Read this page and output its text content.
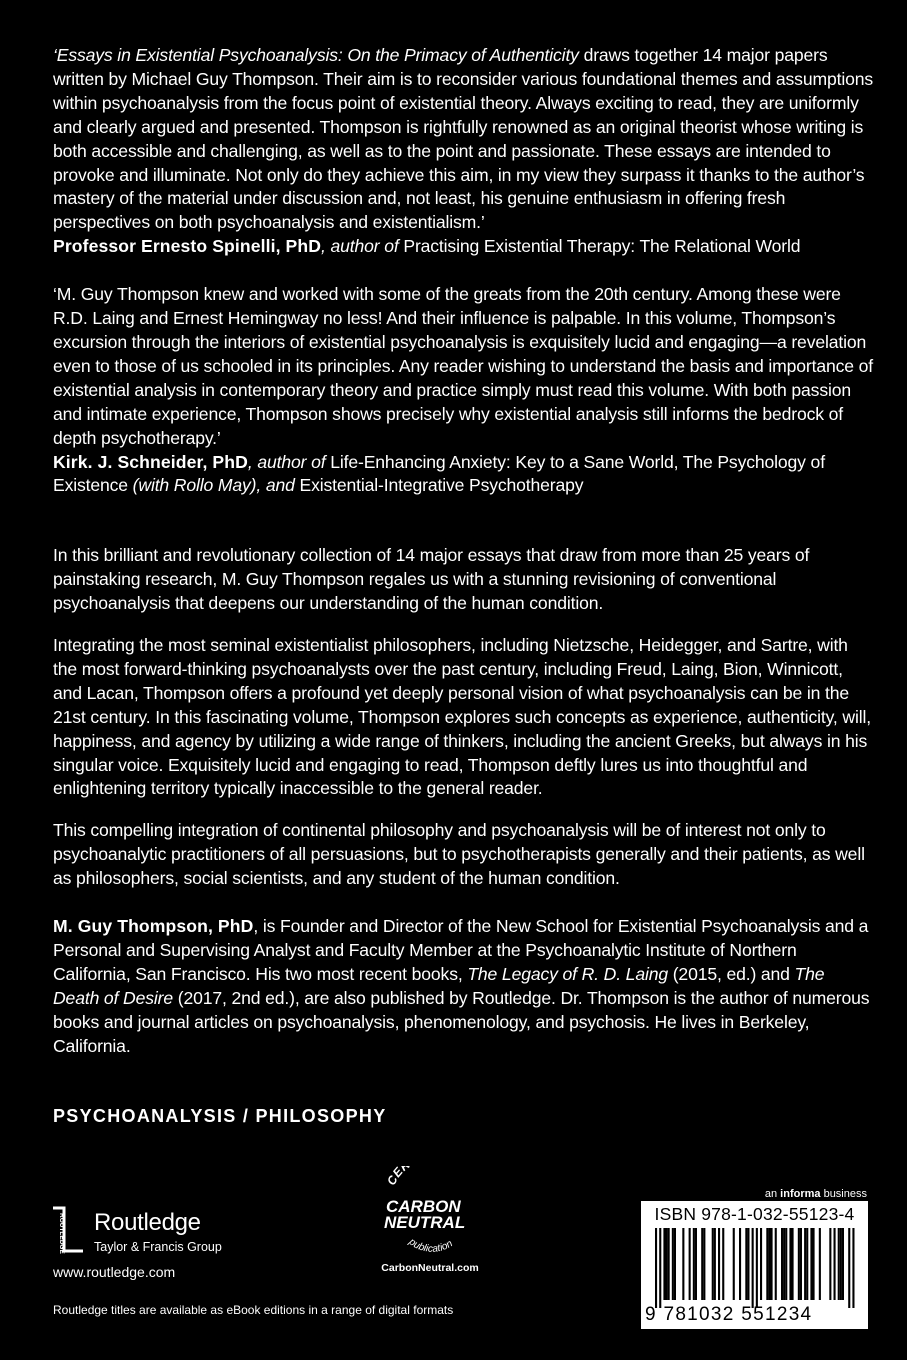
‘Essays in Existential Psychoanalysis: On the Primacy of Authenticity draws together 14 major papers written by Michael Guy Thompson. Their aim is to reconsider various foundational themes and assumptions within psychoanalysis from the focus point of existential theory. Always exciting to read, they are uniformly and clearly argued and presented. Thompson is rightfully renowned as an original theorist whose writing is both accessible and challenging, as well as to the point and passionate. These essays are intended to provoke and illuminate. Not only do they achieve this aim, in my view they surpass it thanks to the author’s mastery of the material under discussion and, not least, his genuine enthusiasm in offering fresh perspectives on both psychoanalysis and existentialism.’

Professor Ernesto Spinelli, PhD, author of Practising Existential Therapy: The Relational World

‘M. Guy Thompson knew and worked with some of the greats from the 20th century. Among these were R.D. Laing and Ernest Hemingway no less! And their influence is palpable. In this volume, Thompson’s excursion through the interiors of existential psychoanalysis is exquisitely lucid and engaging—a revelation even to those of us schooled in its principles. Any reader wishing to understand the basis and importance of existential analysis in contemporary theory and practice simply must read this volume. With both passion and intimate experience, Thompson shows precisely why existential analysis still informs the bedrock of depth psychotherapy.’

Kirk. J. Schneider, PhD, author of Life-Enhancing Anxiety: Key to a Sane World, The Psychology of Existence (with Rollo May), and Existential-Integrative Psychotherapy

In this brilliant and revolutionary collection of 14 major essays that draw from more than 25 years of painstaking research, M. Guy Thompson regales us with a stunning revisioning of conventional psychoanalysis that deepens our understanding of the human condition.

Integrating the most seminal existentialist philosophers, including Nietzsche, Heidegger, and Sartre, with the most forward-thinking psychoanalysts over the past century, including Freud, Laing, Bion, Winnicott, and Lacan, Thompson offers a profound yet deeply personal vision of what psychoanalysis can be in the 21st century. In this fascinating volume, Thompson explores such concepts as experience, authenticity, will, happiness, and agency by utilizing a wide range of thinkers, including the ancient Greeks, but always in his singular voice. Exquisitely lucid and engaging to read, Thompson deftly lures us into thoughtful and enlightening territory typically inaccessible to the general reader.

This compelling integration of continental philosophy and psychoanalysis will be of interest not only to psychoanalytic practitioners of all persuasions, but to psychotherapists generally and their patients, as well as philosophers, social scientists, and any student of the human condition.

M. Guy Thompson, PhD, is Founder and Director of the New School for Existential Psychoanalysis and a Personal and Supervising Analyst and Faculty Member at the Psychoanalytic Institute of Northern California, San Francisco. His two most recent books, The Legacy of R. D. Laing (2015, ed.) and The Death of Desire (2017, 2nd ed.), are also published by Routledge. Dr. Thompson is the author of numerous books and journal articles on psychoanalysis, phenomenology, and psychosis. He lives in Berkeley, California.

PSYCHOANALYSIS / PHILOSOPHY
ROUTLEDGE Routledge
Taylor & Francis Group
www.routledge.com
Routledge titles are available as eBook editions in a range of digital formats
CE
CARBON
NEUTRAL
publication
CarbonNeutral.com
an informa business
ISBN 978-1-032-55123-4
9 781032 551234
